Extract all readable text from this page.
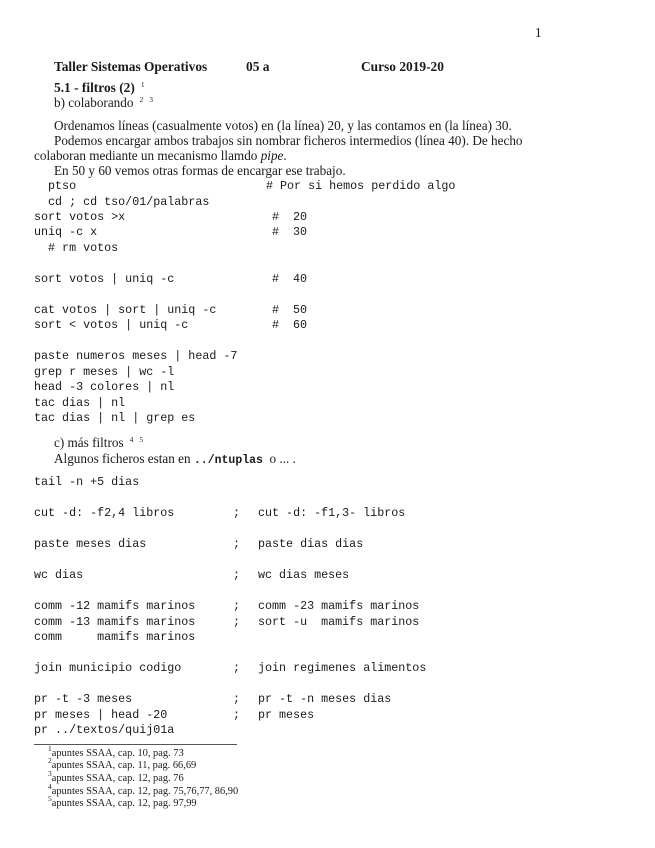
1
Taller Sistemas Operativos	05 a	Curso 2019-20
5.1 - filtros (2) $^1$
b) colaborando $^2$ $^3$
Ordenamos líneas (casualmente votos) en (la línea) 20, y las contamos en (la línea) 30.
Podemos encargar ambos trabajos sin nombrar ficheros intermedios (línea 40). De hecho
colaboran mediante un mecanismo llamdo pipe.
En 50 y 60 vemos otras formas de encargar ese trabajo.
ptso	# Por si hemos perdido algo
cd ; cd tso/01/palabras
sort votos >x	#  20
uniq -c x	#  30
# rm votos
sort votos | uniq -c	#  40
cat votos | sort | uniq -c	#  50
sort < votos | uniq -c	#  60
paste numeros meses | head -7
grep r meses | wc -l
head -3 colores | nl
tac dias | nl
tac dias | nl | grep es
c) más filtros $^4$ $^5$
Algunos ficheros estan en ../ntuplas  o ... .
tail -n +5 dias
cut -d: -f2,4 libros	; cut -d: -f1,3- libros
paste meses dias	; paste dias dias
wc dias	; wc dias meses
comm -12 mamifs marinos	; comm -23 mamifs marinos
comm -13 mamifs marinos	; sort -u  mamifs marinos
comm     mamifs marinos
join municipio codigo	; join regimenes alimentos
pr -t -3 meses	; pr -t -n meses dias
pr meses | head -20	; pr meses
pr ../textos/quij01a
$^1$apuntes SSAA, cap. 10, pag. 73
$^2$apuntes SSAA, cap. 11, pag. 66,69
$^3$apuntes SSAA, cap. 12, pag. 76
$^4$apuntes SSAA, cap. 12, pag. 75,76,77, 86,90
$^5$apuntes SSAA, cap. 12, pag. 97,99
